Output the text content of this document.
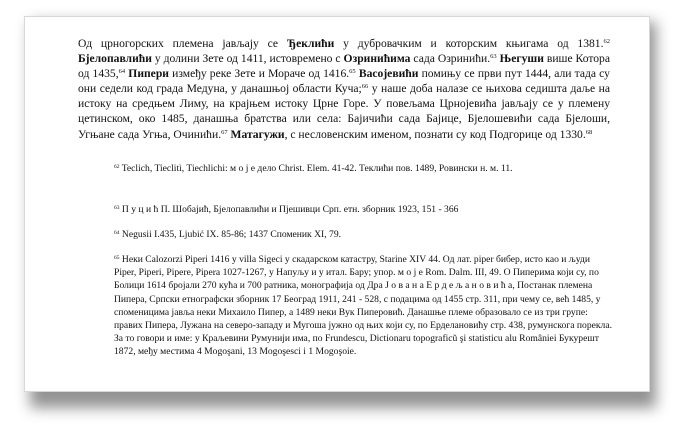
Од црногорских племена јављају се Ђеклићи у дубровачким и которским књигама од 1381.62 Бјелопавлићи у долини Зете од 1411, истовремено с Озринићима сада Озринићи.$^{63}$ Његуши више Котора од 1435,64 Пипери између реке Зете и Мораче од 1416.65 Васојевићи помињу се први пут 1444, али тада су они седели код града Медуна, у данашњој области Куча;$^{66}$ у наше доба налазе се њихова седишта даље на истоку на средњем Лиму, на крајњем истоку Црне Горе. У повељама Црнојевића јављају се у племену цетинском, око 1485, данашња братства или села: Бајичићи сада Бајице, Бјелошевићи сада Бјелоши, Угњане сада Угња, Очинићи.$^{67}$ Матагужи, с несловенским именом, познати су код Подгорице од 1330.68

$^{62}$ Teclich, Tieclitì, Tiechlichi: м о ј е дело Christ. Elem. 41-42. Теклићи пов. 1489, Ровински н. м. 11.

$^{63}$ П у ц и ћ П. Шобајић, Бјелопавлићи и Пјешивци Срп. етн. зборник 1923, 151 - 366

$^{64}$ Negusii I.435, Ljubić IX. 85-86; 1437 Споменик XI, 79.

$^{65}$ Неки Calozorzi Piperi 1416 у villa Sigeci у скадарском катастру, Starine XIV 44. Од лат. piper бибер, исто као и људи Piper, Piperi, Pipere, Pipera 1027-1267, у Напуљу и у итал. Бару; упор. м о ј е Rom. Dalm. III, 49. О Пиперима који су, по Болици 1614 бројали 270 кућа и 700 ратника, монографија од Дра Ј о в а н а Е р д е љ а н о в и ћ а, Постанак племена Пипера, Српски етнографски зборник 17 Београд 1911, 241 - 528, с подацима од 1455 стр. 311, при чему се, већ 1485, у споменицима јавља неки Михаило Пипер, а 1489 неки Вук Пиперовић. Данашње племе образовало се из три групе: правих Пипера, Лужана на северо-западу и Мугоша јужно од њих који су, по Ерделановићу стр. 438, румунскога порекла. За то говори и име: у Краљевини Румунији има, по Frundescu, Dictionaru topograficŭ şi statisticu alu României Букурешт 1872, међу местима 4 Mogoşani, 13 Mogoşesci i 1 Mogoşoie.
